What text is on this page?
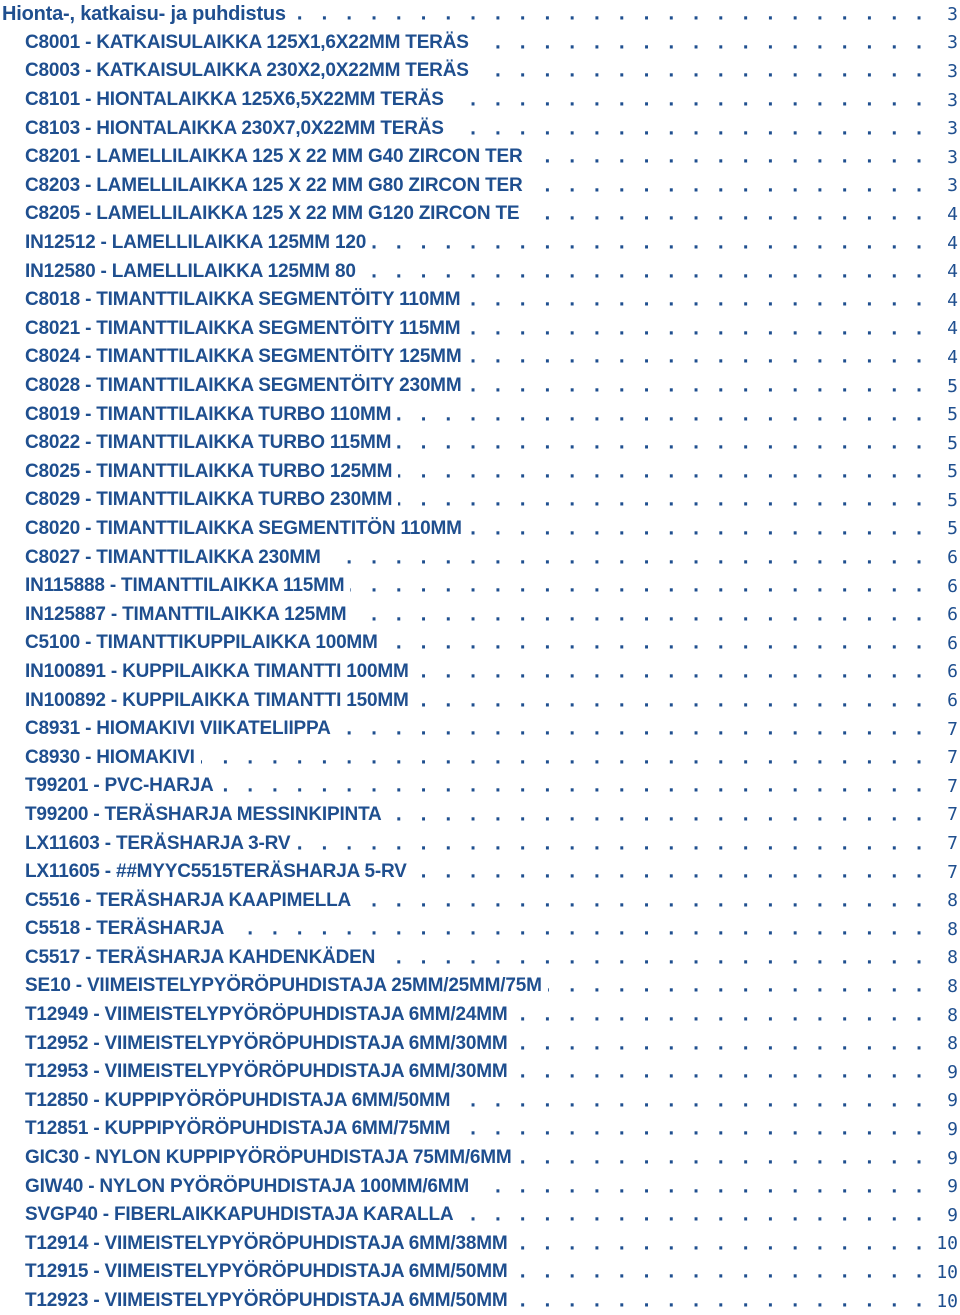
Hionta-, katkaisu- ja puhdistus . . .	3
C8001 - KATKAISULAIKKA 125X1,6X22MM TERÄS . . .	3
C8003 - KATKAISULAIKKA 230X2,0X22MM TERÄS . . .	3
C8101 - HIONTALAIKKA 125X6,5X22MM TERÄS . . .	3
C8103 - HIONTALAIKKA 230X7,0X22MM TERÄS . . .	3
C8201 - LAMELLILAIKKA 125 X 22 MM G40 ZIRCON TER . . .	3
C8203 - LAMELLILAIKKA 125 X 22 MM G80 ZIRCON TER . . .	3
C8205 - LAMELLILAIKKA 125 X 22 MM G120 ZIRCON TE . . .	4
IN12512 - LAMELLILAIKKA 125MM 120 . . .	4
IN12580 - LAMELLILAIKKA 125MM 80 . . .	4
C8018 - TIMANTTILAIKKA SEGMENTÖITY 110MM . . .	4
C8021 - TIMANTTILAIKKA SEGMENTÖITY 115MM . . .	4
C8024 - TIMANTTILAIKKA SEGMENTÖITY 125MM . . .	4
C8028 - TIMANTTILAIKKA SEGMENTÖITY 230MM . . .	5
C8019 - TIMANTTILAIKKA TURBO 110MM . . .	5
C8022 - TIMANTTILAIKKA TURBO 115MM . . .	5
C8025 - TIMANTTILAIKKA TURBO 125MM . . .	5
C8029 - TIMANTTILAIKKA TURBO 230MM . . .	5
C8020 - TIMANTTILAIKKA SEGMENTITÖN 110MM . . .	5
C8027 - TIMANTTILAIKKA 230MM . . .	6
IN115888 - TIMANTTILAIKKA 115MM . . .	6
IN125887 - TIMANTTILAIKKA 125MM . . .	6
C5100 - TIMANTTIKUPPILAIKKA 100MM . . .	6
IN100891 - KUPPILAIKKA TIMANTTI 100MM . . .	6
IN100892 - KUPPILAIKKA TIMANTTI 150MM . . .	6
C8931 - HIOMAKIVI VIIKATELIIPPA . . .	7
C8930 - HIOMAKIVI . . .	7
T99201 - PVC-HARJA . . .	7
T99200 - TERÄSHARJA MESSINKIPINTA . . .	7
LX11603 - TERÄSHARJA 3-RV . . .	7
LX11605 - ##MYYC5515TERÄSHARJA 5-RV . . .	7
C5516 - TERÄSHARJA KAAPIMELLA . . .	8
C5518 - TERÄSHARJA . . .	8
C5517 - TERÄSHARJA KAHDENKÄDEN . . .	8
SE10 - VIIMEISTELYPYÖRÖPUHDISTAJA 25MM/25MM/75M . . .	8
T12949 - VIIMEISTELYPYÖRÖPUHDISTAJA 6MM/24MM . . .	8
T12952 - VIIMEISTELYPYÖRÖPUHDISTAJA 6MM/30MM . . .	8
T12953 - VIIMEISTELYPYÖRÖPUHDISTAJA 6MM/30MM . . .	9
T12850 - KUPPIPYÖRÖPUHDISTAJA 6MM/50MM . . .	9
T12851 - KUPPIPYÖRÖPUHDISTAJA 6MM/75MM . . .	9
GIC30 - NYLON KUPPIPYÖRÖPUHDISTAJA 75MM/6MM . . .	9
GIW40 - NYLON PYÖRÖPUHDISTAJA 100MM/6MM . . .	9
SVGP40 - FIBERLAIKKAPUHDISTAJA KARALLA . . .	9
T12914 - VIIMEISTELYPYÖRÖPUHDISTAJA 6MM/38MM . . .	10
T12915 - VIIMEISTELYPYÖRÖPUHDISTAJA 6MM/50MM . . .	10
T12923 - VIIMEISTELYPYÖRÖPUHDISTAJA 6MM/50MM . . .	10
